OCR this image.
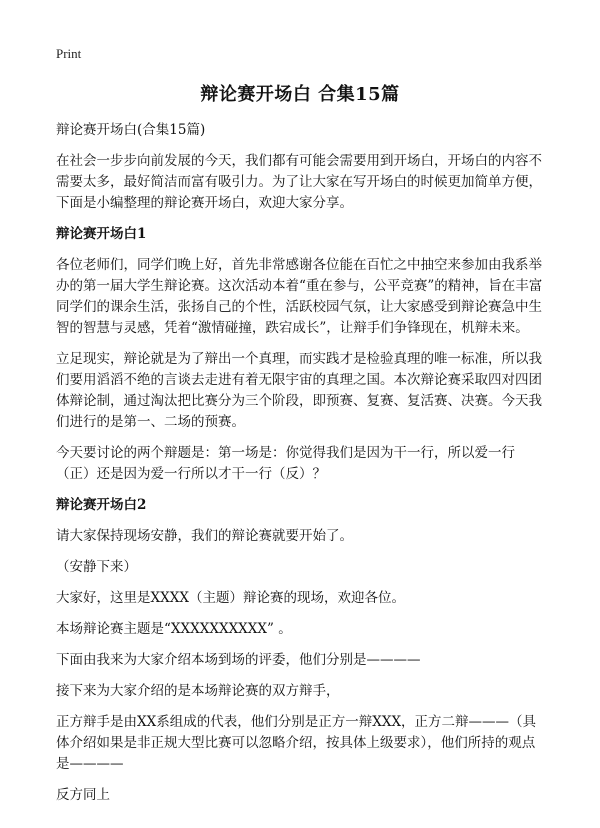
Print
辩论赛开场白 合集15篇

辩论赛开场白(合集15篇)

在社会一步步向前发展的今天，我们都有可能会需要用到开场白，开场白的内容不需要太多，最好简洁而富有吸引力。为了让大家在写开场白的时候更加简单方便，下面是小编整理的辩论赛开场白，欢迎大家分享。

辩论赛开场白1

各位老师们，同学们晚上好，首先非常感谢各位能在百忙之中抽空来参加由我系举办的第一届大学生辩论赛。这次活动本着“重在参与，公平竞赛”的精神，旨在丰富同学们的课余生活，张扬自己的个性，活跃校园气氛，让大家感受到辩论赛急中生智的智慧与灵感，凭着“激情碰撞，跌宕成长”，让辩手们争锋现在，机辩未来。

立足现实，辩论就是为了辩出一个真理，而实践才是检验真理的唯一标准，所以我们要用滔滔不绝的言谈去走进有着无限宇宙的真理之国。本次辩论赛采取四对四团体辩论制，通过淘汰把比赛分为三个阶段，即预赛、复赛、复活赛、决赛。今天我们进行的是第一、二场的预赛。

今天要讨论的两个辩题是：第一场是：你觉得我们是因为干一行，所以爱一行（正）还是因为爱一行所以才干一行（反）？

辩论赛开场白2

请大家保持现场安静，我们的辩论赛就要开始了。

（安静下来）

大家好，这里是XXXX（主题）辩论赛的现场，欢迎各位。

本场辩论赛主题是“XXXXXXXXXX” 。

下面由我来为大家介绍本场到场的评委，他们分别是————

接下来为大家介绍的是本场辩论赛的双方辩手，

正方辩手是由XX系组成的代表，他们分别是正方一辩XXX，正方二辩———（具体介绍如果是非正规大型比赛可以忽略介绍，按具体上级要求），他们所持的观点是————

反方同上
